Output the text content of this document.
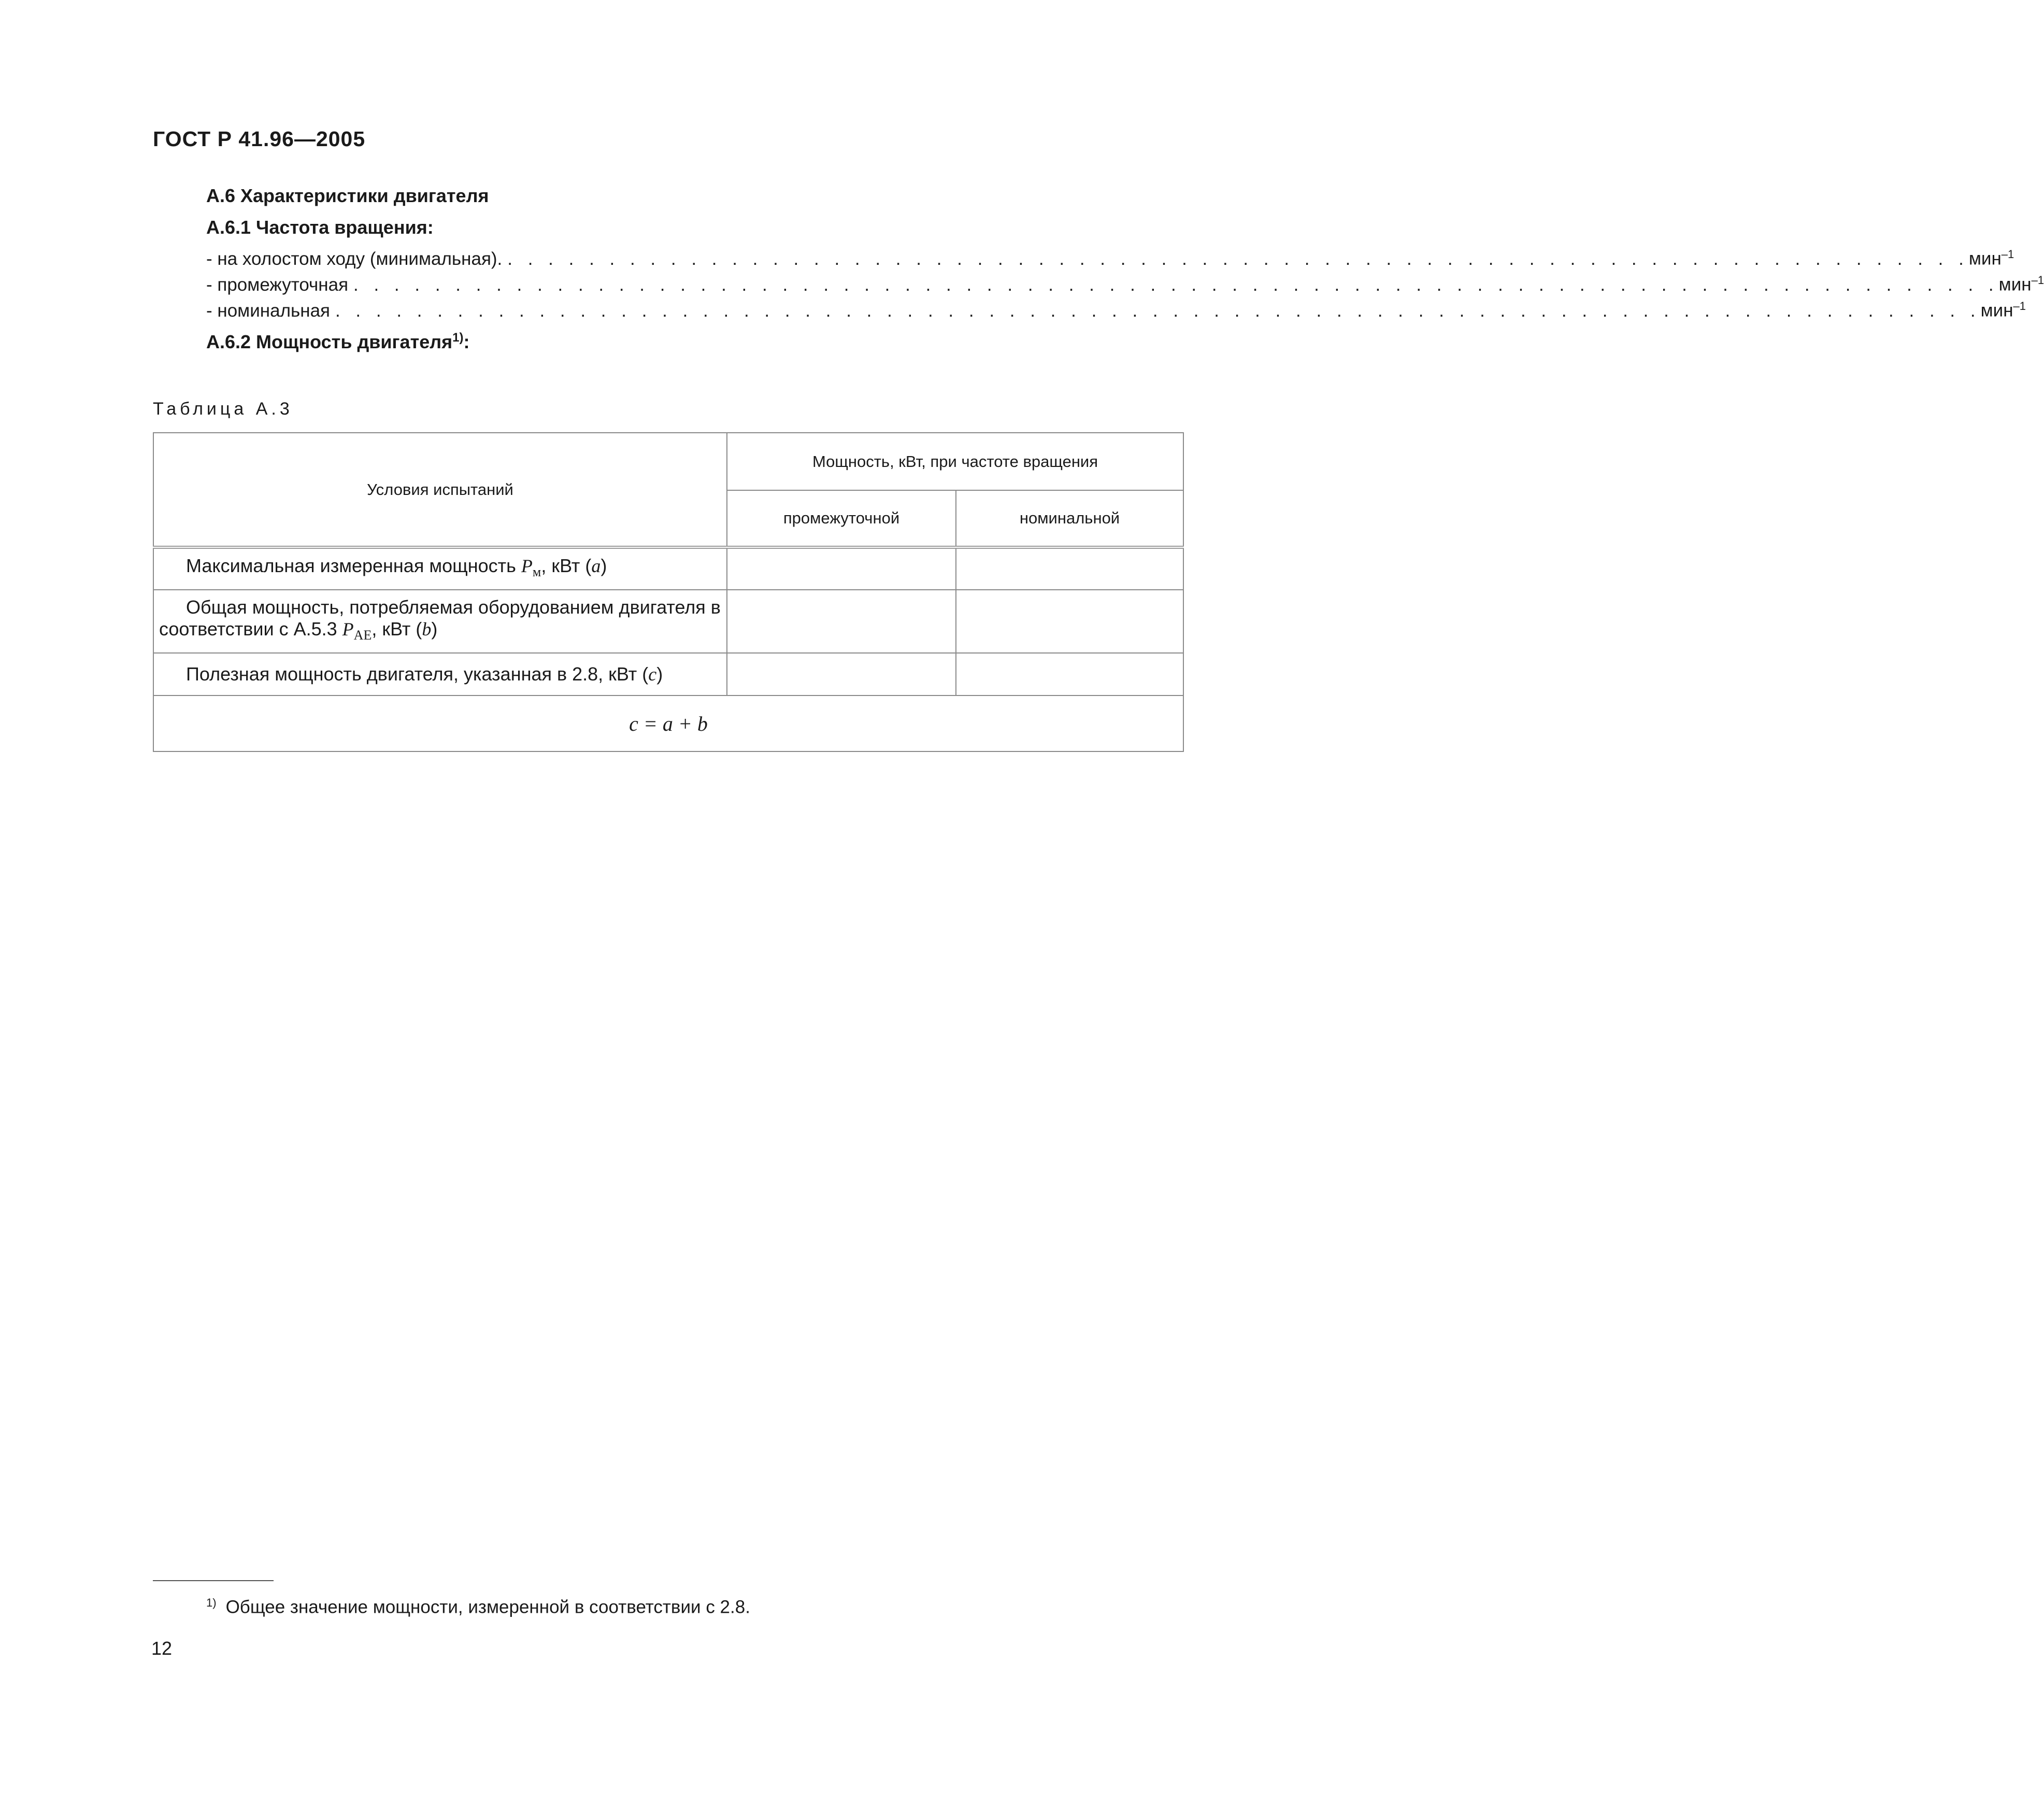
ГОСТ Р 41.96—2005
А.6 Характеристики двигателя
А.6.1 Частота вращения:
- на холостом ходу (минимальная). . . . . . . . . . . . . . . . . . . . . . . . . . . . . . . . . . . . . . . . . . . . . . . . . . . . . . . . . . . . . . . . . . . . . . . . . мин$^{-1}$
- промежуточная . . . . . . . . . . . . . . . . . . . . . . . . . . . . . . . . . . . . . . . . . . . . . . . . . . . . . . . . . . . . . . . . . . . . . . . . . . . . . . . . . мин$^{-1}$
- номинальная . . . . . . . . . . . . . . . . . . . . . . . . . . . . . . . . . . . . . . . . . . . . . . . . . . . . . . . . . . . . . . . . . . . . . . . . . . . . . . . . . мин$^{-1}$
А.6.2 Мощность двигателя$^{1)}$:
Таблица А.3
Условия испытаний	Мощность, кВт, при частоте вращения	
	промежуточной	номинальной
Максимальная измеренная мощность $P_м$, кВт (a)		
Общая мощность, потребляемая оборудованием двигателя в соответствии с А.5.3 $P_{AE}$, кВт (b)		
Полезная мощность двигателя, указанная в 2.8, кВт (c)		
c = a + b		
$^{1)}$ Общее значение мощности, измеренной в соответствии с 2.8.
12
